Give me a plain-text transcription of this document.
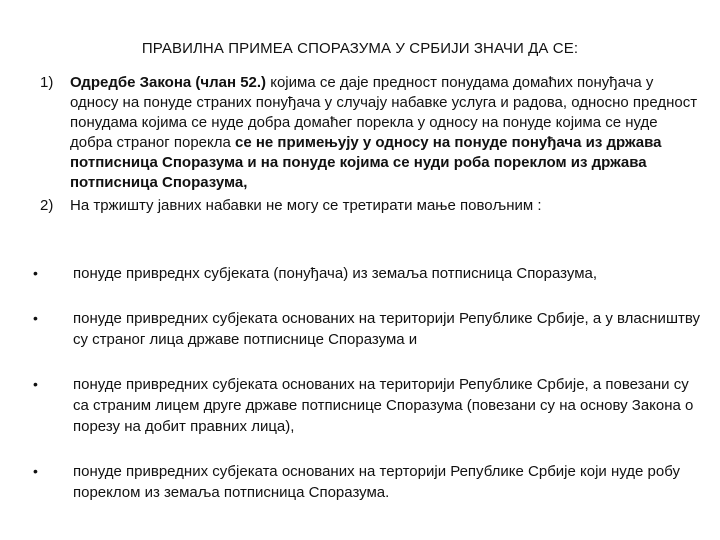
ПРАВИЛНА ПРИМЕА СПОРАЗУМА У СРБИЈИ ЗНАЧИ ДА СЕ:
1) Одредбе Закона (члан 52.) којима се даје предност понудама домаћих понуђача у односу на понуде страних понуђача у случају набавке услуга и радова, односно предност понудама којима се нуде добра домаћег порекла у односу на понуде којима се нуде добра страног порекла се не примењују у односу на понуде понуђача из држава потписница Споразума и на понуде којима се нуди роба пореклом из држава потписница Споразума,
2) На тржишту јавних набавки не могу се третирати мање повољним :
• понуде привреднх субјеката (понуђача) из земаља потписница Споразума,
• понуде привредних субјеката основаних на територији Републике Србије, а у власништву су страног лица државе потписнице Споразума и
• понуде привредних субјеката основаних на територији Републике Србије, а повезани су са страним лицем друге државе потписнице Споразума (повезани су на основу Закона о порезу на добит правних лица),
• понуде привредних субјеката основаних на терторији Републике Србије који нуде робу пореклом из земаља потписница Споразума.
